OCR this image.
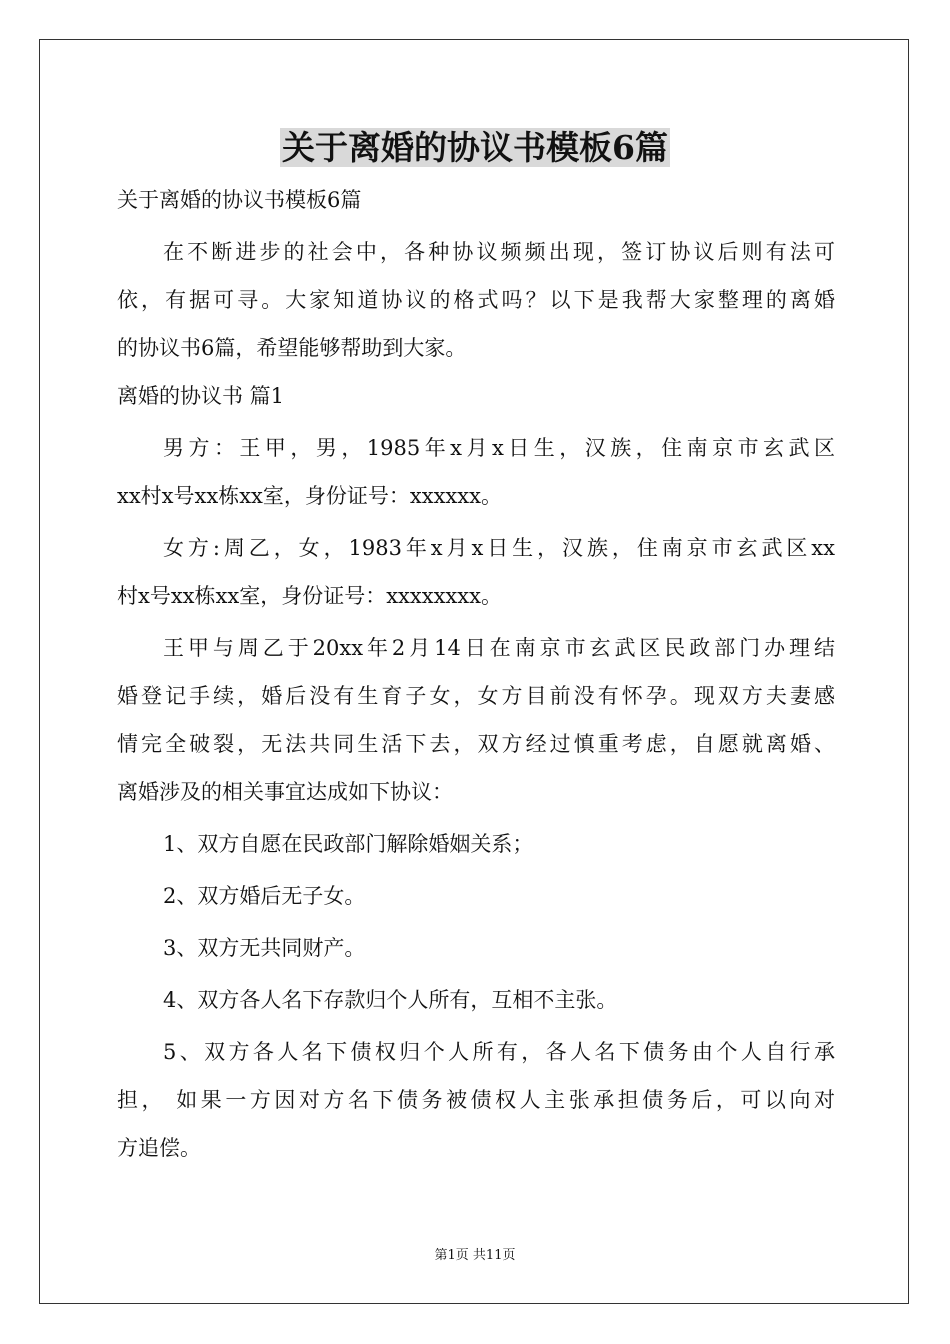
关于离婚的协议书模板6篇

关于离婚的协议书模板6篇

在不断进步的社会中，各种协议频频出现，签订协议后则有法可

依，有据可寻。大家知道协议的格式吗？以下是我帮大家整理的离婚

的协议书6篇，希望能够帮助到大家。

离婚的协议书 篇1

男方：王甲，男，1985年x月x日生，汉族，住南京市玄武区

xx村x号xx栋xx室，身份证号：xxxxxx。

女方:周乙，女，1983年x月x日生，汉族，住南京市玄武区xx

村x号xx栋xx室，身份证号：xxxxxxxx。

王甲与周乙于20xx年2月14日在南京市玄武区民政部门办理结

婚登记手续，婚后没有生育子女，女方目前没有怀孕。现双方夫妻感

情完全破裂，无法共同生活下去，双方经过慎重考虑，自愿就离婚、

离婚涉及的相关事宜达成如下协议：

1、双方自愿在民政部门解除婚姻关系；

2、双方婚后无子女。

3、双方无共同财产。

4、双方各人名下存款归个人所有，互相不主张。

5、双方各人名下债权归个人所有，各人名下债务由个人自行承

担， 如果一方因对方名下债务被债权人主张承担债务后，可以向对

方追偿。

第1页 共11页
